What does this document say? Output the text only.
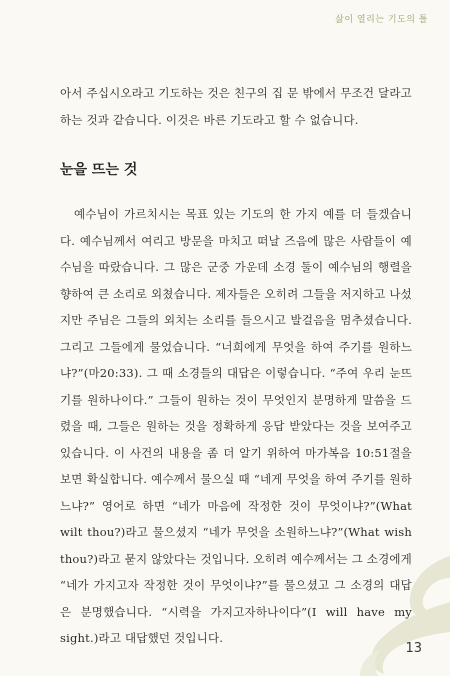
삶이 열리는 기도의 틀

아서 주십시오라고 기도하는 것은 친구의 집 문 밖에서 무조건 달라고 하는 것과 같습니다. 이것은 바른 기도라고 할 수 없습니다.

눈을 뜨는 것

예수님이 가르치시는 목표 있는 기도의 한 가지 예를 더 들겠습니다. 예수님께서 여리고 방문을 마치고 떠날 즈음에 많은 사람들이 예수님을 따랐습니다. 그 많은 군중 가운데 소경 둘이 예수님의 행렬을 향하여 큰 소리로 외쳤습니다. 제자들은 오히려 그들을 저지하고 나섰지만 주님은 그들의 외치는 소리를 들으시고 발걸음을 멈추셨습니다. 그리고 그들에게 물었습니다. “너희에게 무엇을 하여 주기를 원하느냐?”(마20:33). 그 때 소경들의 대답은 이렇습니다. “주여 우리 눈뜨기를 원하나이다.” 그들이 원하는 것이 무엇인지 분명하게 말씀을 드렸을 때, 그들은 원하는 것을 정확하게 응답 받았다는 것을 보여주고 있습니다. 이 사건의 내용을 좀 더 알기 위하여 마가복음 10:51절을 보면 확실합니다. 예수께서 물으실 때 “네게 무엇을 하여 주기를 원하느냐?” 영어로 하면 “네가 마음에 작정한 것이 무엇이냐?”(What wilt thou?)라고 물으셨지 “네가 무엇을 소원하느냐?”(What wish thou?)라고 묻지 않았다는 것입니다. 오히려 예수께서는 그 소경에게 “네가 가지고자 작정한 것이 무엇이냐?”를 물으셨고 그 소경의 대답은 분명했습니다. “시력을 가지고자하나이다”(I will have my sight.)라고 대답했던 것입니다.

13
